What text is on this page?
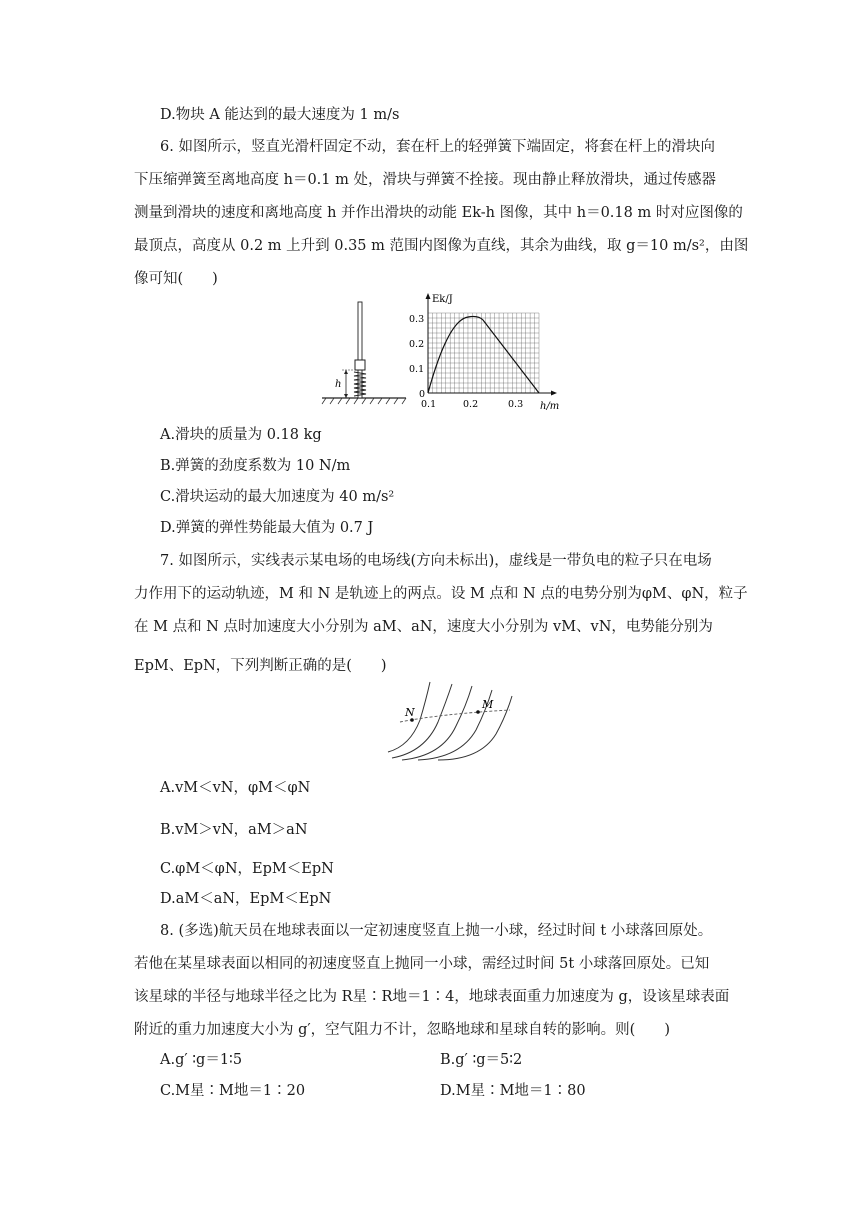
D.物块 A 能达到的最大速度为 1 m/s
6. 如图所示，竖直光滑杆固定不动，套在杆上的轻弹簧下端固定，将套在杆上的滑块向
下压缩弹簧至离地高度 h＝0.1 m 处，滑块与弹簧不拴接。现由静止释放滑块，通过传感器
测量到滑块的速度和离地高度 h 并作出滑块的动能 Ek-h 图像，其中 h＝0.18 m 时对应图像的
最顶点，高度从 0.2 m 上升到 0.35 m 范围内图像为直线，其余为曲线，取 g＝10 m/s²，由图
像可知(　　)
h
Ek/J
h/m
0.3
0.2
0.1
0
0.1	0.2	0.3
A.滑块的质量为 0.18 kg
B.弹簧的劲度系数为 10 N/m
C.滑块运动的最大加速度为 40 m/s²
D.弹簧的弹性势能最大值为 0.7 J
7. 如图所示，实线表示某电场的电场线(方向未标出)，虚线是一带负电的粒子只在电场
力作用下的运动轨迹，M 和 N 是轨迹上的两点。设 M 点和 N 点的电势分别为φM、φN，粒子
在 M 点和 N 点时加速度大小分别为 aM、aN，速度大小分别为 vM、vN，电势能分别为
EpM、EpN，下列判断正确的是(　　)
N
M
A.vM＜vN，φM＜φN
B.vM＞vN，aM＞aN
C.φM＜φN，EpM＜EpN
D.aM＜aN，EpM＜EpN
8. (多选)航天员在地球表面以一定初速度竖直上抛一小球，经过时间 t 小球落回原处。
若他在某星球表面以相同的初速度竖直上抛同一小球，需经过时间 5t 小球落回原处。已知
该星球的半径与地球半径之比为 R星∶R地＝1∶4，地球表面重力加速度为 g，设该星球表面
附近的重力加速度大小为 g′，空气阻力不计，忽略地球和星球自转的影响。则(　　)
A.g′ ∶g＝1∶5	B.g′ ∶g＝5∶2
C.M星∶M地＝1∶20	D.M星∶M地＝1∶80
